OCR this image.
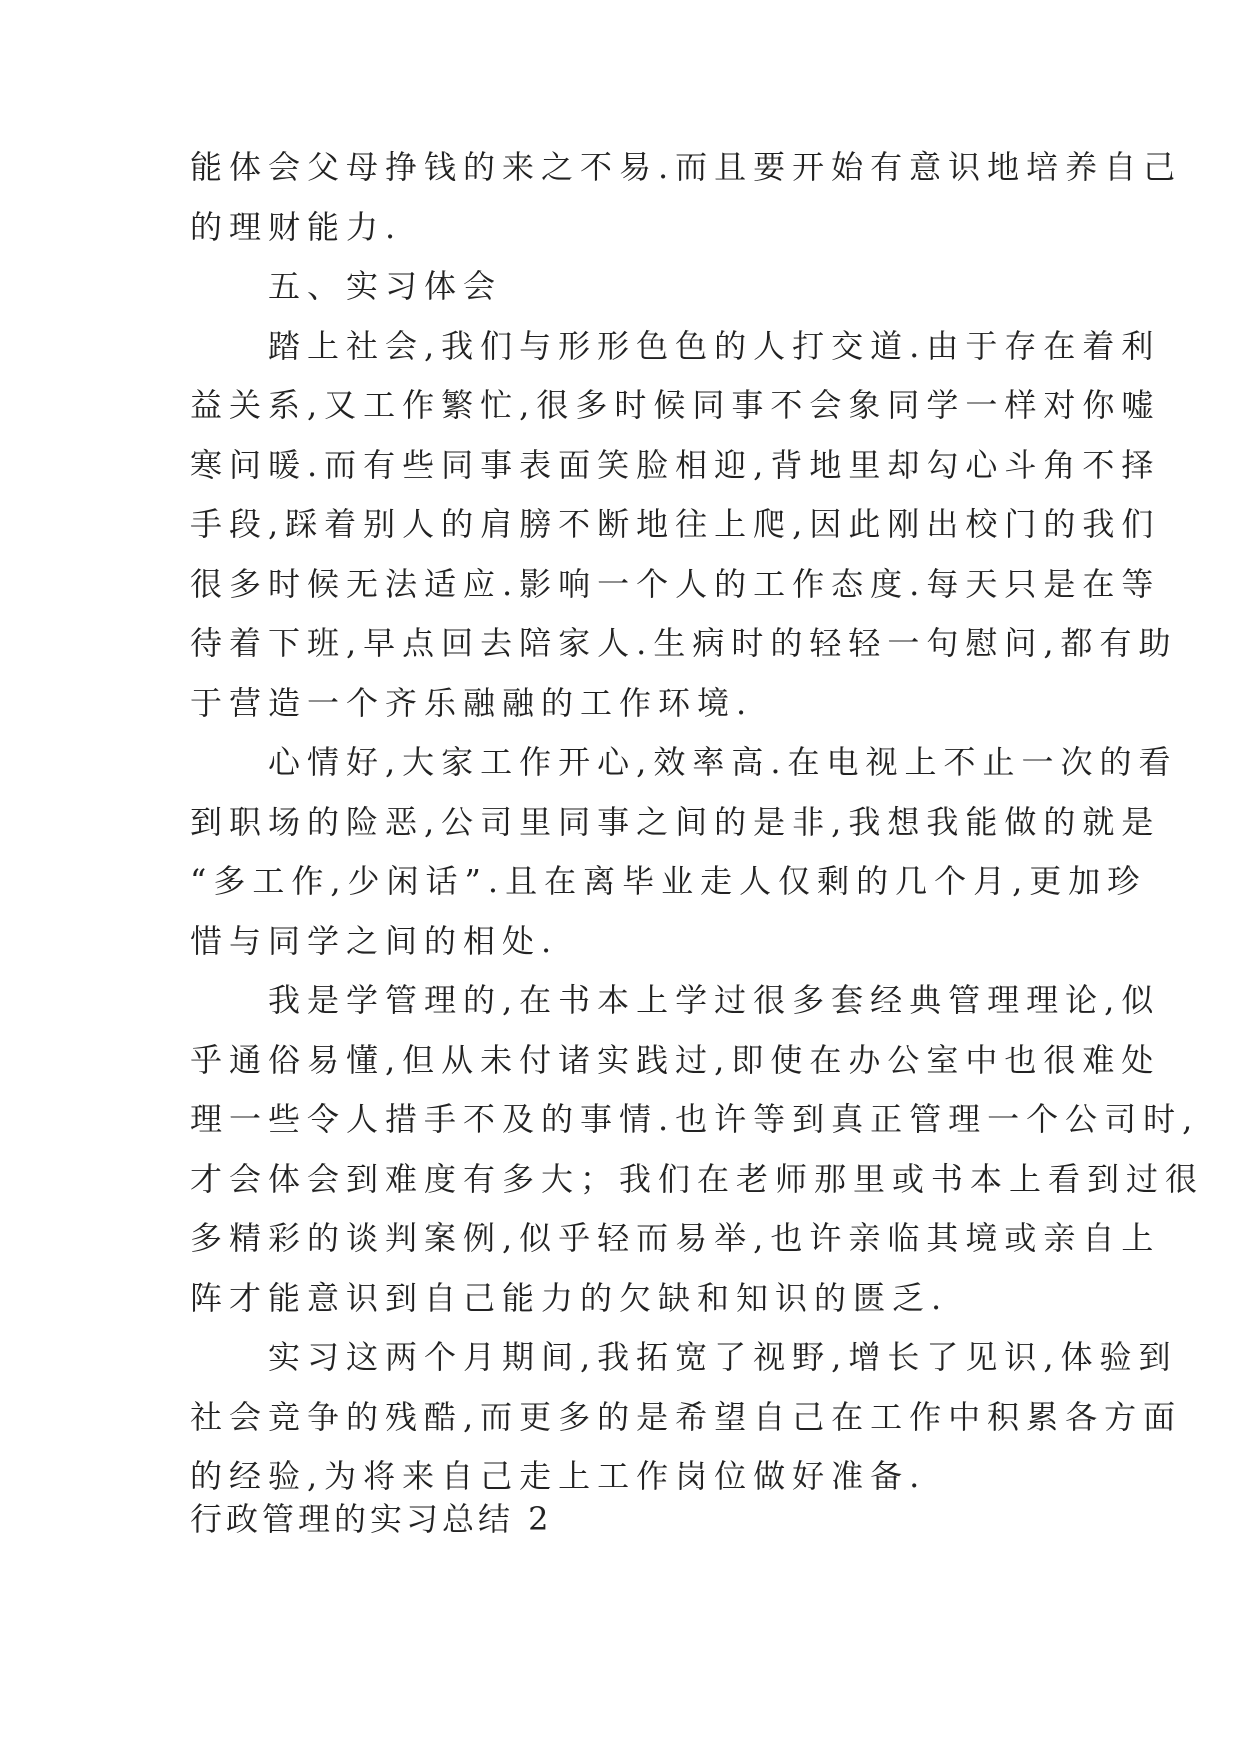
能体会父母挣钱的来之不易.而且要开始有意识地培养自己
的理财能力.
　　五、实习体会
　　踏上社会,我们与形形色色的人打交道.由于存在着利
益关系,又工作繁忙,很多时候同事不会象同学一样对你嘘
寒问暖.而有些同事表面笑脸相迎,背地里却勾心斗角不择
手段,踩着别人的肩膀不断地往上爬,因此刚出校门的我们
很多时候无法适应.影响一个人的工作态度.每天只是在等
待着下班,早点回去陪家人.生病时的轻轻一句慰问,都有助
于营造一个齐乐融融的工作环境.
　　心情好,大家工作开心,效率高.在电视上不止一次的看
到职场的险恶,公司里同事之间的是非,我想我能做的就是
“多工作,少闲话”.且在离毕业走人仅剩的几个月,更加珍
惜与同学之间的相处.
　　我是学管理的,在书本上学过很多套经典管理理论,似
乎通俗易懂,但从未付诸实践过,即使在办公室中也很难处
理一些令人措手不及的事情.也许等到真正管理一个公司时,
才会体会到难度有多大；我们在老师那里或书本上看到过很
多精彩的谈判案例,似乎轻而易举,也许亲临其境或亲自上
阵才能意识到自己能力的欠缺和知识的匮乏.
　　实习这两个月期间,我拓宽了视野,增长了见识,体验到
社会竞争的残酷,而更多的是希望自己在工作中积累各方面
的经验,为将来自己走上工作岗位做好准备.
行政管理的实习总结 2
